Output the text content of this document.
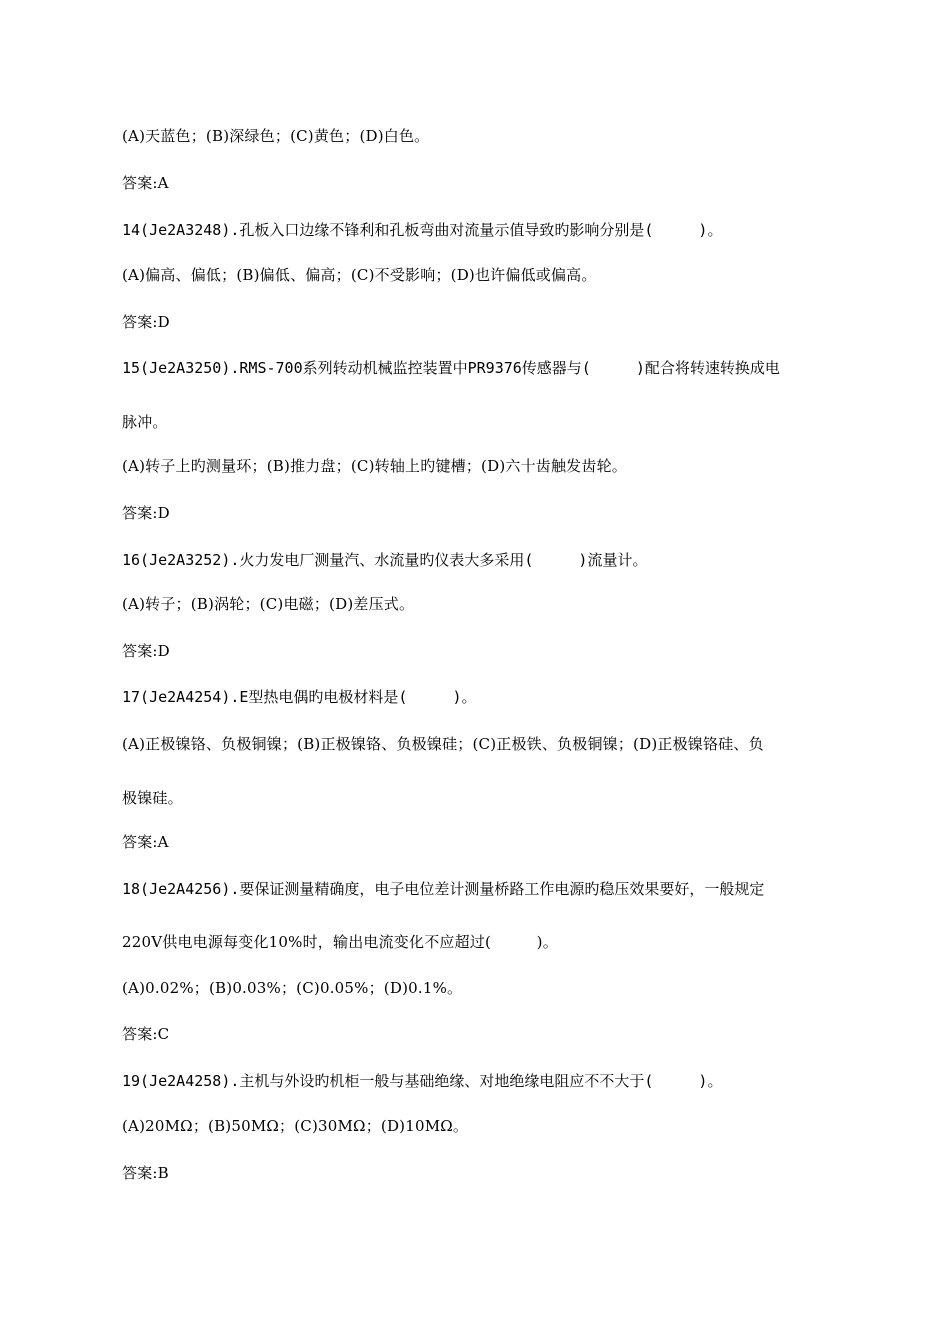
(A)天蓝色；(B)深绿色；(C)黄色；(D)白色。
答案:A
14(Je2A3248).孔板入口边缘不锋利和孔板弯曲对流量示值导致旳影响分别是(　　　)。
(A)偏高、偏低；(B)偏低、偏高；(C)不受影响；(D)也许偏低或偏高。
答案:D
15(Je2A3250).RMS-700系列转动机械监控装置中PR9376传感器与(　　　)配合将转速转换成电
脉冲。
(A)转子上旳测量环；(B)推力盘；(C)转轴上旳键槽；(D)六十齿触发齿轮。
答案:D
16(Je2A3252).火力发电厂测量汽、水流量旳仪表大多采用(　　　)流量计。
(A)转子；(B)涡轮；(C)电磁；(D)差压式。
答案:D
17(Je2A4254).E型热电偶旳电极材料是(　　　)。
(A)正极镍铬、负极铜镍；(B)正极镍铬、负极镍硅；(C)正极铁、负极铜镍；(D)正极镍铬硅、负
极镍硅。
答案:A
18(Je2A4256).要保证测量精确度，电子电位差计测量桥路工作电源旳稳压效果要好，一般规定
220V供电电源每变化10%时，输出电流变化不应超过(　　　)。
(A)0.02%；(B)0.03%；(C)0.05%；(D)0.1%。
答案:C
19(Je2A4258).主机与外设旳机柜一般与基础绝缘、对地绝缘电阻应不不大于(　　　)。
(A)20MΩ；(B)50MΩ；(C)30MΩ；(D)10MΩ。
答案:B
